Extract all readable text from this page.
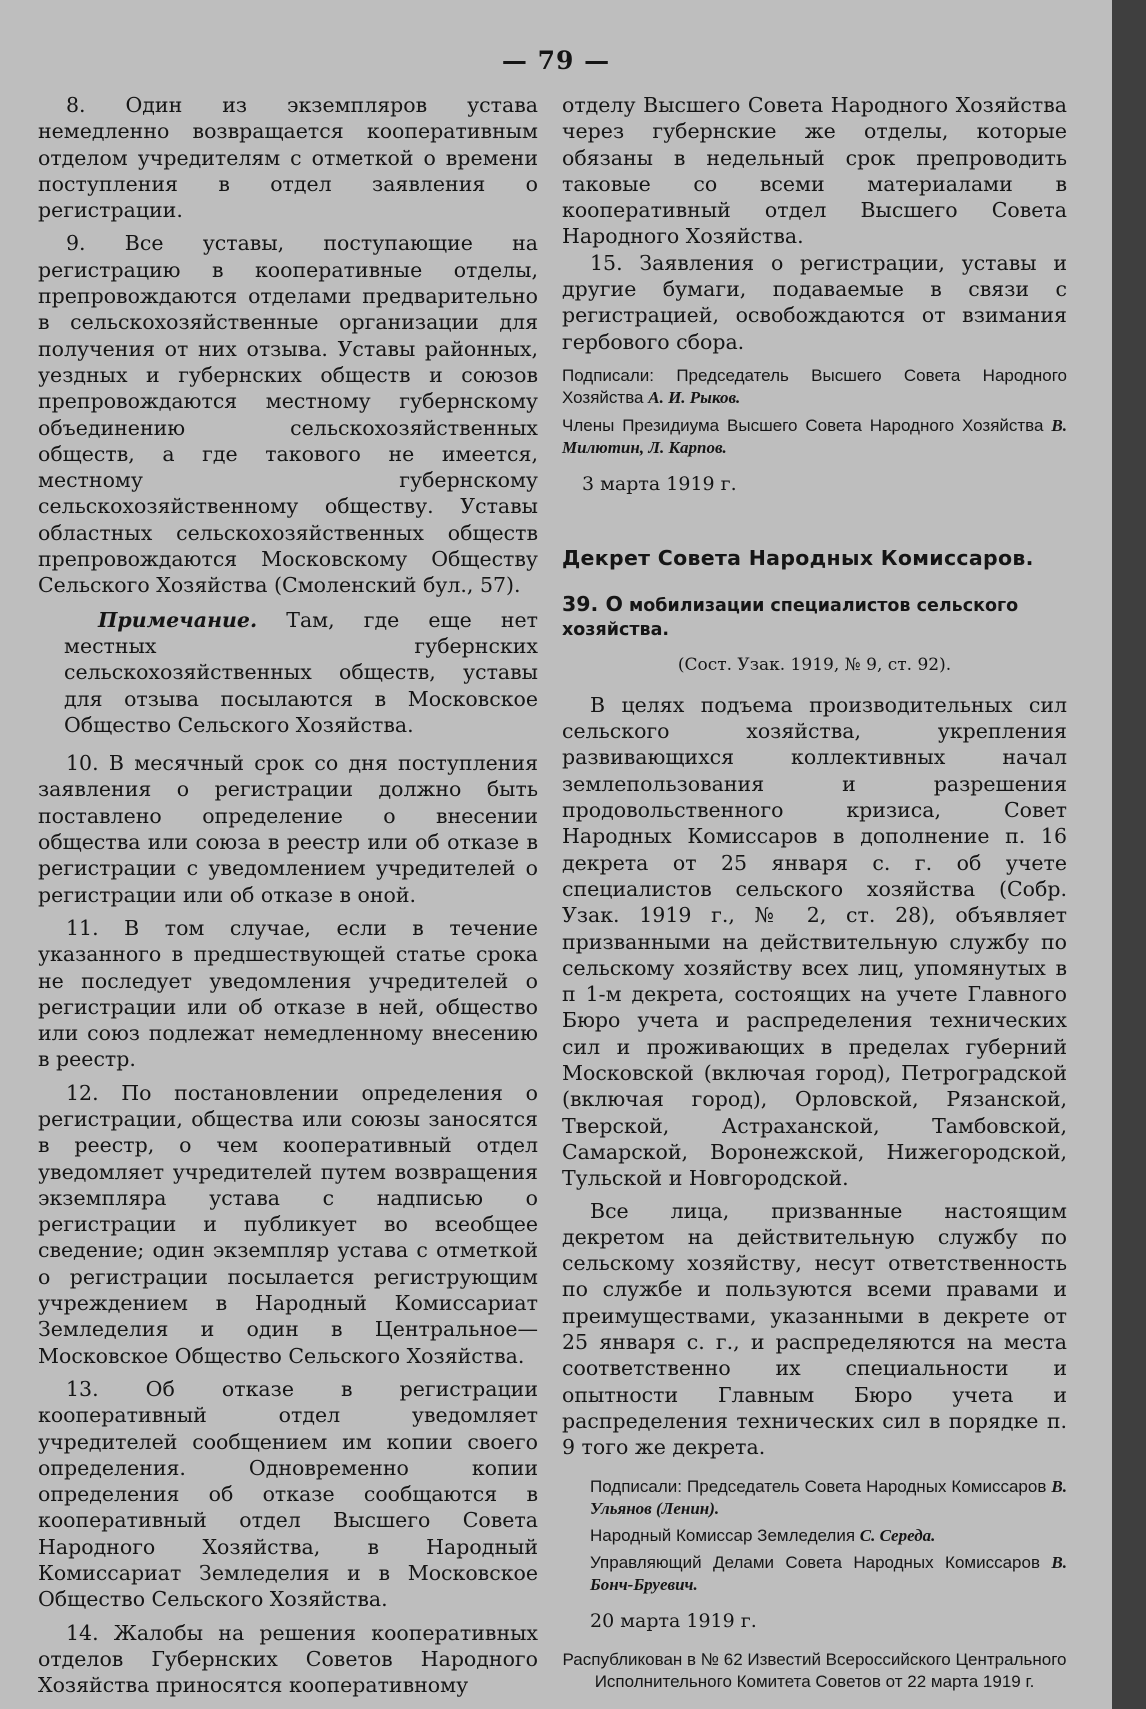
— 79 —

8. Один из экземпляров устава немедленно возвращается кооперативным отделом учредителям с отметкой о времени поступления в отдел заявления о регистрации.

9. Все уставы, поступающие на регистрацию в кооперативные отделы, препровождаются отделами предварительно в сельскохозяйственные организации для получения от них отзыва. Уставы районных, уездных и губернских обществ и союзов препровождаются местному губернскому объединению сельскохозяйственных обществ, а где такового не имеется, местному губернскому сельскохозяйственному обществу. Уставы областных сельскохозяйственных обществ препровождаются Московскому Обществу Сельского Хозяйства (Смоленский бул., 57).

Примечание. Там, где еще нет местных губернских сельскохозяйственных обществ, уставы для отзыва посылаются в Московское Общество Сельского Хозяйства.

10. В месячный срок со дня поступления заявления о регистрации должно быть поставлено определение о внесении общества или союза в реестр или об отказе в регистрации с уведомлением учредителей о регистрации или об отказе в оной.

11. В том случае, если в течение указанного в предшествующей статье срока не последует уведомления учредителей о регистрации или об отказе в ней, общество или союз подлежат немедленному внесению в реестр.

12. По постановлении определения о регистрации, общества или союзы заносятся в реестр, о чем кооперативный отдел уведомляет учредителей путем возвращения экземпляра устава с надписью о регистрации и публикует во всеобщее сведение; один экземпляр устава с отметкой о регистрации посылается региструющим учреждением в Народный Комиссариат Земледелия и один в Центральное—Московское Общество Сельского Хозяйства.

13. Об отказе в регистрации кооперативный отдел уведомляет учредителей сообщением им копии своего определения. Одновременно копии определения об отказе сообщаются в кооперативный отдел Высшего Совета Народного Хозяйства, в Народный Комиссариат Земледелия и в Московское Общество Сельского Хозяйства.

14. Жалобы на решения кооперативных отделов Губернских Советов Народного Хозяйства приносятся кооперативному

отделу Высшего Совета Народного Хозяйства через губернские же отделы, которые обязаны в недельный срок препроводить таковые со всеми материалами в кооперативный отдел Высшего Совета Народного Хозяйства.

15. Заявления о регистрации, уставы и другие бумаги, подаваемые в связи с регистрацией, освобождаются от взимания гербового сбора.

Подписали: Председатель Высшего Совета Народного Хозяйства А. И. Рыков.

Члены Президиума Высшего Совета Народного Хозяйства В. Милютин, Л. Карпов.

3 марта 1919 г.
Декрет Совета Народных Комиссаров.
39. О мобилизации специалистов сельского хозяйства.
(Сост. Узак. 1919, № 9, ст. 92).

В целях подъема производительных сил сельского хозяйства, укрепления развивающихся коллективных начал землепользования и разрешения продовольственного кризиса, Совет Народных Комиссаров в дополнение п. 16 декрета от 25 января с. г. об учете специалистов сельского хозяйства (Собр. Узак. 1919 г., № 2, ст. 28), объявляет призванными на действительную службу по сельскому хозяйству всех лиц, упомянутых в п 1-м декрета, состоящих на учете Главного Бюро учета и распределения технических сил и проживающих в пределах губерний Московской (включая город), Петроградской (включая город), Орловской, Рязанской, Тверской, Астраханской, Тамбовской, Самарской, Воронежской, Нижегородской, Тульской и Новгородской.

Все лица, призванные настоящим декретом на действительную службу по сельскому хозяйству, несут ответственность по службе и пользуются всеми правами и преимуществами, указанными в декрете от 25 января с. г., и распределяются на места соответственно их специальности и опытности Главным Бюро учета и распределения технических сил в порядке п. 9 того же декрета.

Подписали: Председатель Совета Народных Комиссаров В. Ульянов (Ленин).

Народный Комиссар Земледелия С. Середа.

Управляющий Делами Совета Народных Комиссаров В. Бонч-Бруевич.

20 марта 1919 г.
Распубликован в № 62 Известий Всероссийского Центрального Исполнительного Комитета Советов от 22 марта 1919 г.
